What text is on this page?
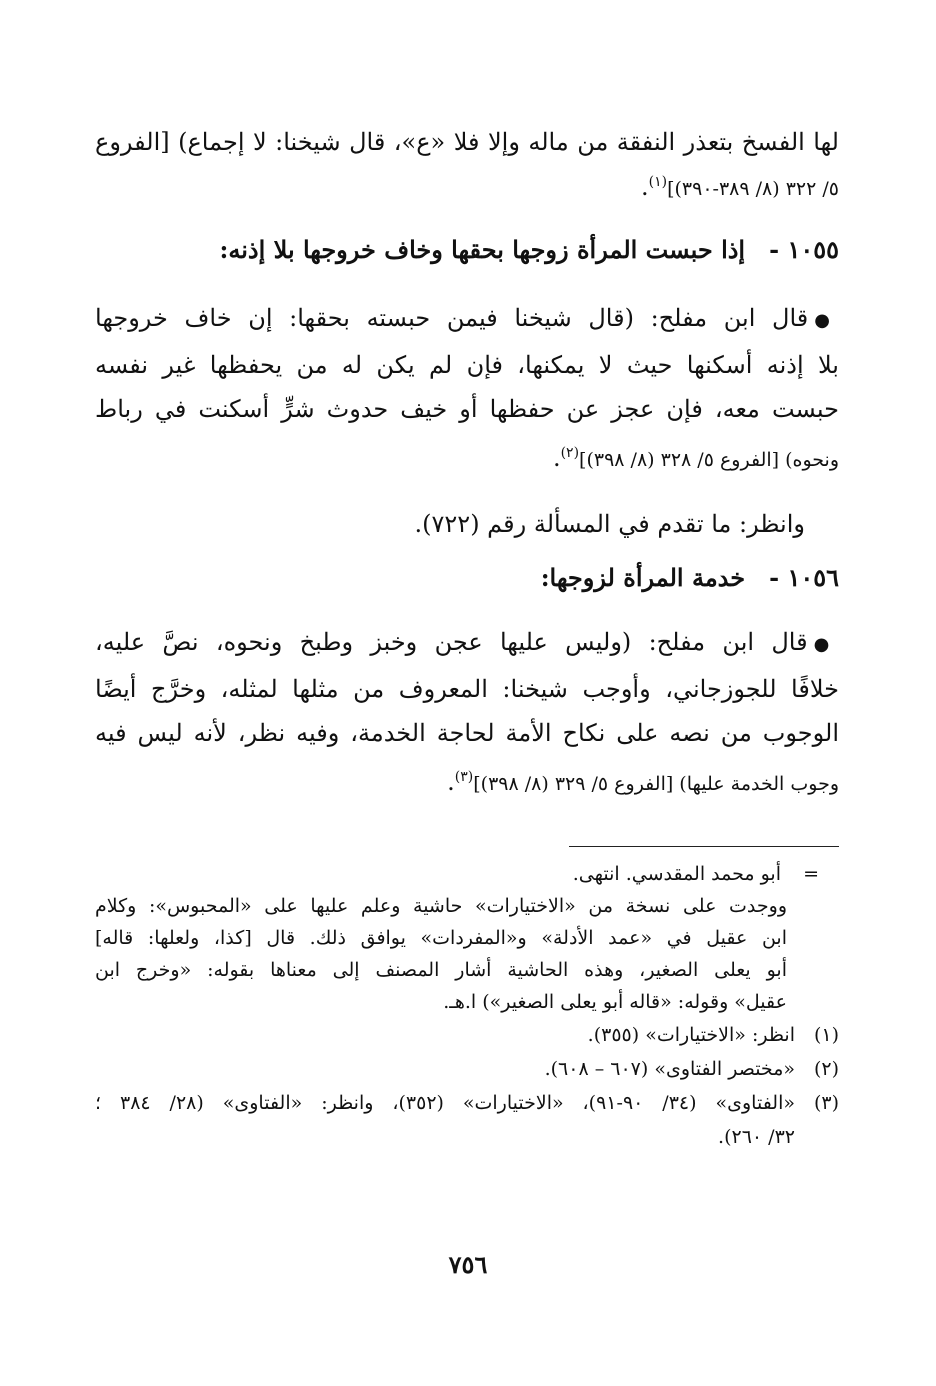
لها الفسخ بتعذر النفقة من ماله وإلا فلا «ع»، قال شيخنا: لا إجماع) [الفروع
٥/ ٣٢٢ (٨/ ٣٨٩-٣٩٠)]$^{(١)}$.
١٠٥٥ -إذا حبست المرأة زوجها بحقها وخاف خروجها بلا إذنه:
●قال ابن مفلح: (قال شيخنا فيمن حبسته بحقها: إن خاف خروجها
بلا إذنه أسكنها حيث لا يمكنها، فإن لم يكن له من يحفظها غير نفسه
حبست معه، فإن عجز عن حفظها أو خيف حدوث شرٍّ أسكنت في رباط
ونحوه) [الفروع ٥/ ٣٢٨ (٨/ ٣٩٨)]$^{(٢)}$.
وانظر: ما تقدم في المسألة رقم (٧٢٢).
١٠٥٦ -خدمة المرأة لزوجها:
●قال ابن مفلح: (وليس عليها عجن وخبز وطبخ ونحوه، نصَّ عليه،
خلافًا للجوزجاني، وأوجب شيخنا: المعروف من مثلها لمثله، وخرَّج أيضًا
الوجوب من نصه على نكاح الأمة لحاجة الخدمة، وفيه نظر، لأنه ليس فيه
وجوب الخدمة عليها) [الفروع ٥/ ٣٢٩ (٨/ ٣٩٨)]$^{(٣)}$.
=أبو محمد المقدسي. انتهى.
ووجدت على نسخة من «الاختيارات» حاشية وعلم عليها على «المحبوس»: وكلام
ابن عقيل في «عمد الأدلة» و«المفردات» يوافق ذلك. قال [كذا، ولعلها: قاله]
أبو يعلى الصغير، وهذه الحاشية أشار المصنف إلى معناها بقوله: «وخرج ابن
عقيل» وقوله: «قاله أبو يعلى الصغير») ا.هـ.
(١)
انظر: «الاختيارات» (٣٥٥).
(٢)
«مختصر الفتاوى» (٦٠٧ – ٦٠٨).
(٣)
«الفتاوى» (٣٤/ ٩٠-٩١)، «الاختيارات» (٣٥٢)، وانظر: «الفتاوى» (٢٨/ ٣٨٤ ؛
٣٢/ ٢٦٠).
٧٥٦
